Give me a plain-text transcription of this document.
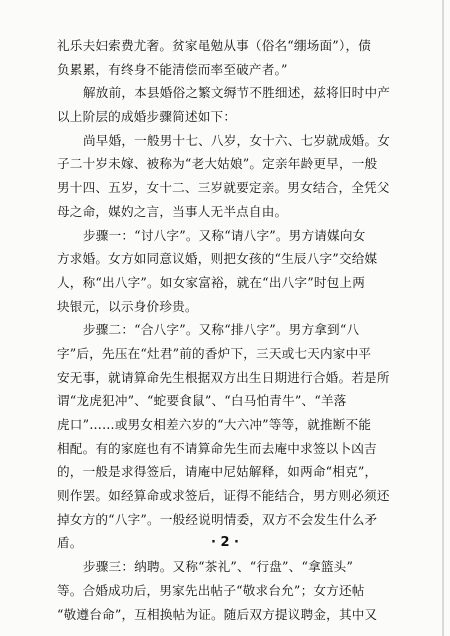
礼乐夫妇索费尤奢。贫家黾勉从事（俗名“绷场面”），债
负累累，有终身不能清偿而率至破产者。”
解放前，本县婚俗之繁文缛节不胜细述，兹将旧时中产
以上阶层的成婚步骤简述如下：
尚早婚，一般男十七、八岁，女十六、七岁就成婚。女
子二十岁未嫁、被称为“老大姑娘”。定亲年龄更早，一般
男十四、五岁，女十二、三岁就要定亲。男女结合，全凭父
母之命，媒妁之言，当事人无半点自由。
步骤一：“讨八字”。又称“请八字”。男方请媒向女
方求婚。女方如同意议婚，则把女孩的“生辰八字”交给媒
人，称“出八字”。如女家富裕，就在“出八字”时包上两
块银元，以示身价珍贵。
步骤二：“合八字”。又称“排八字”。男方拿到“八
字”后，先压在“灶君”前的香炉下，三天或七天内家中平
安无事，就请算命先生根据双方出生日期进行合婚。若是所
谓“龙虎犯冲”、“蛇要食鼠”、“白马怕青牛”、“羊落
虎口”……或男女相差六岁的“大六冲”等等，就推断不能
相配。有的家庭也有不请算命先生而去庵中求签以卜凶吉
的，一般是求得签后，请庵中尼姑解释，如两命“相克”，
则作罢。如经算命或求签后，证得不能结合，男方则必须还
掉女方的“八字”。一般经说明情委，双方不会发生什么矛
盾。
步骤三：纳聘。又称“茶礼”、“行盘”、“拿篮头”
等。合婚成功后，男家先出帖子“敬求台允”；女方还帖
“敬遵台命”，互相换帖为证。随后双方提议聘金，其中又
· 2 ·
